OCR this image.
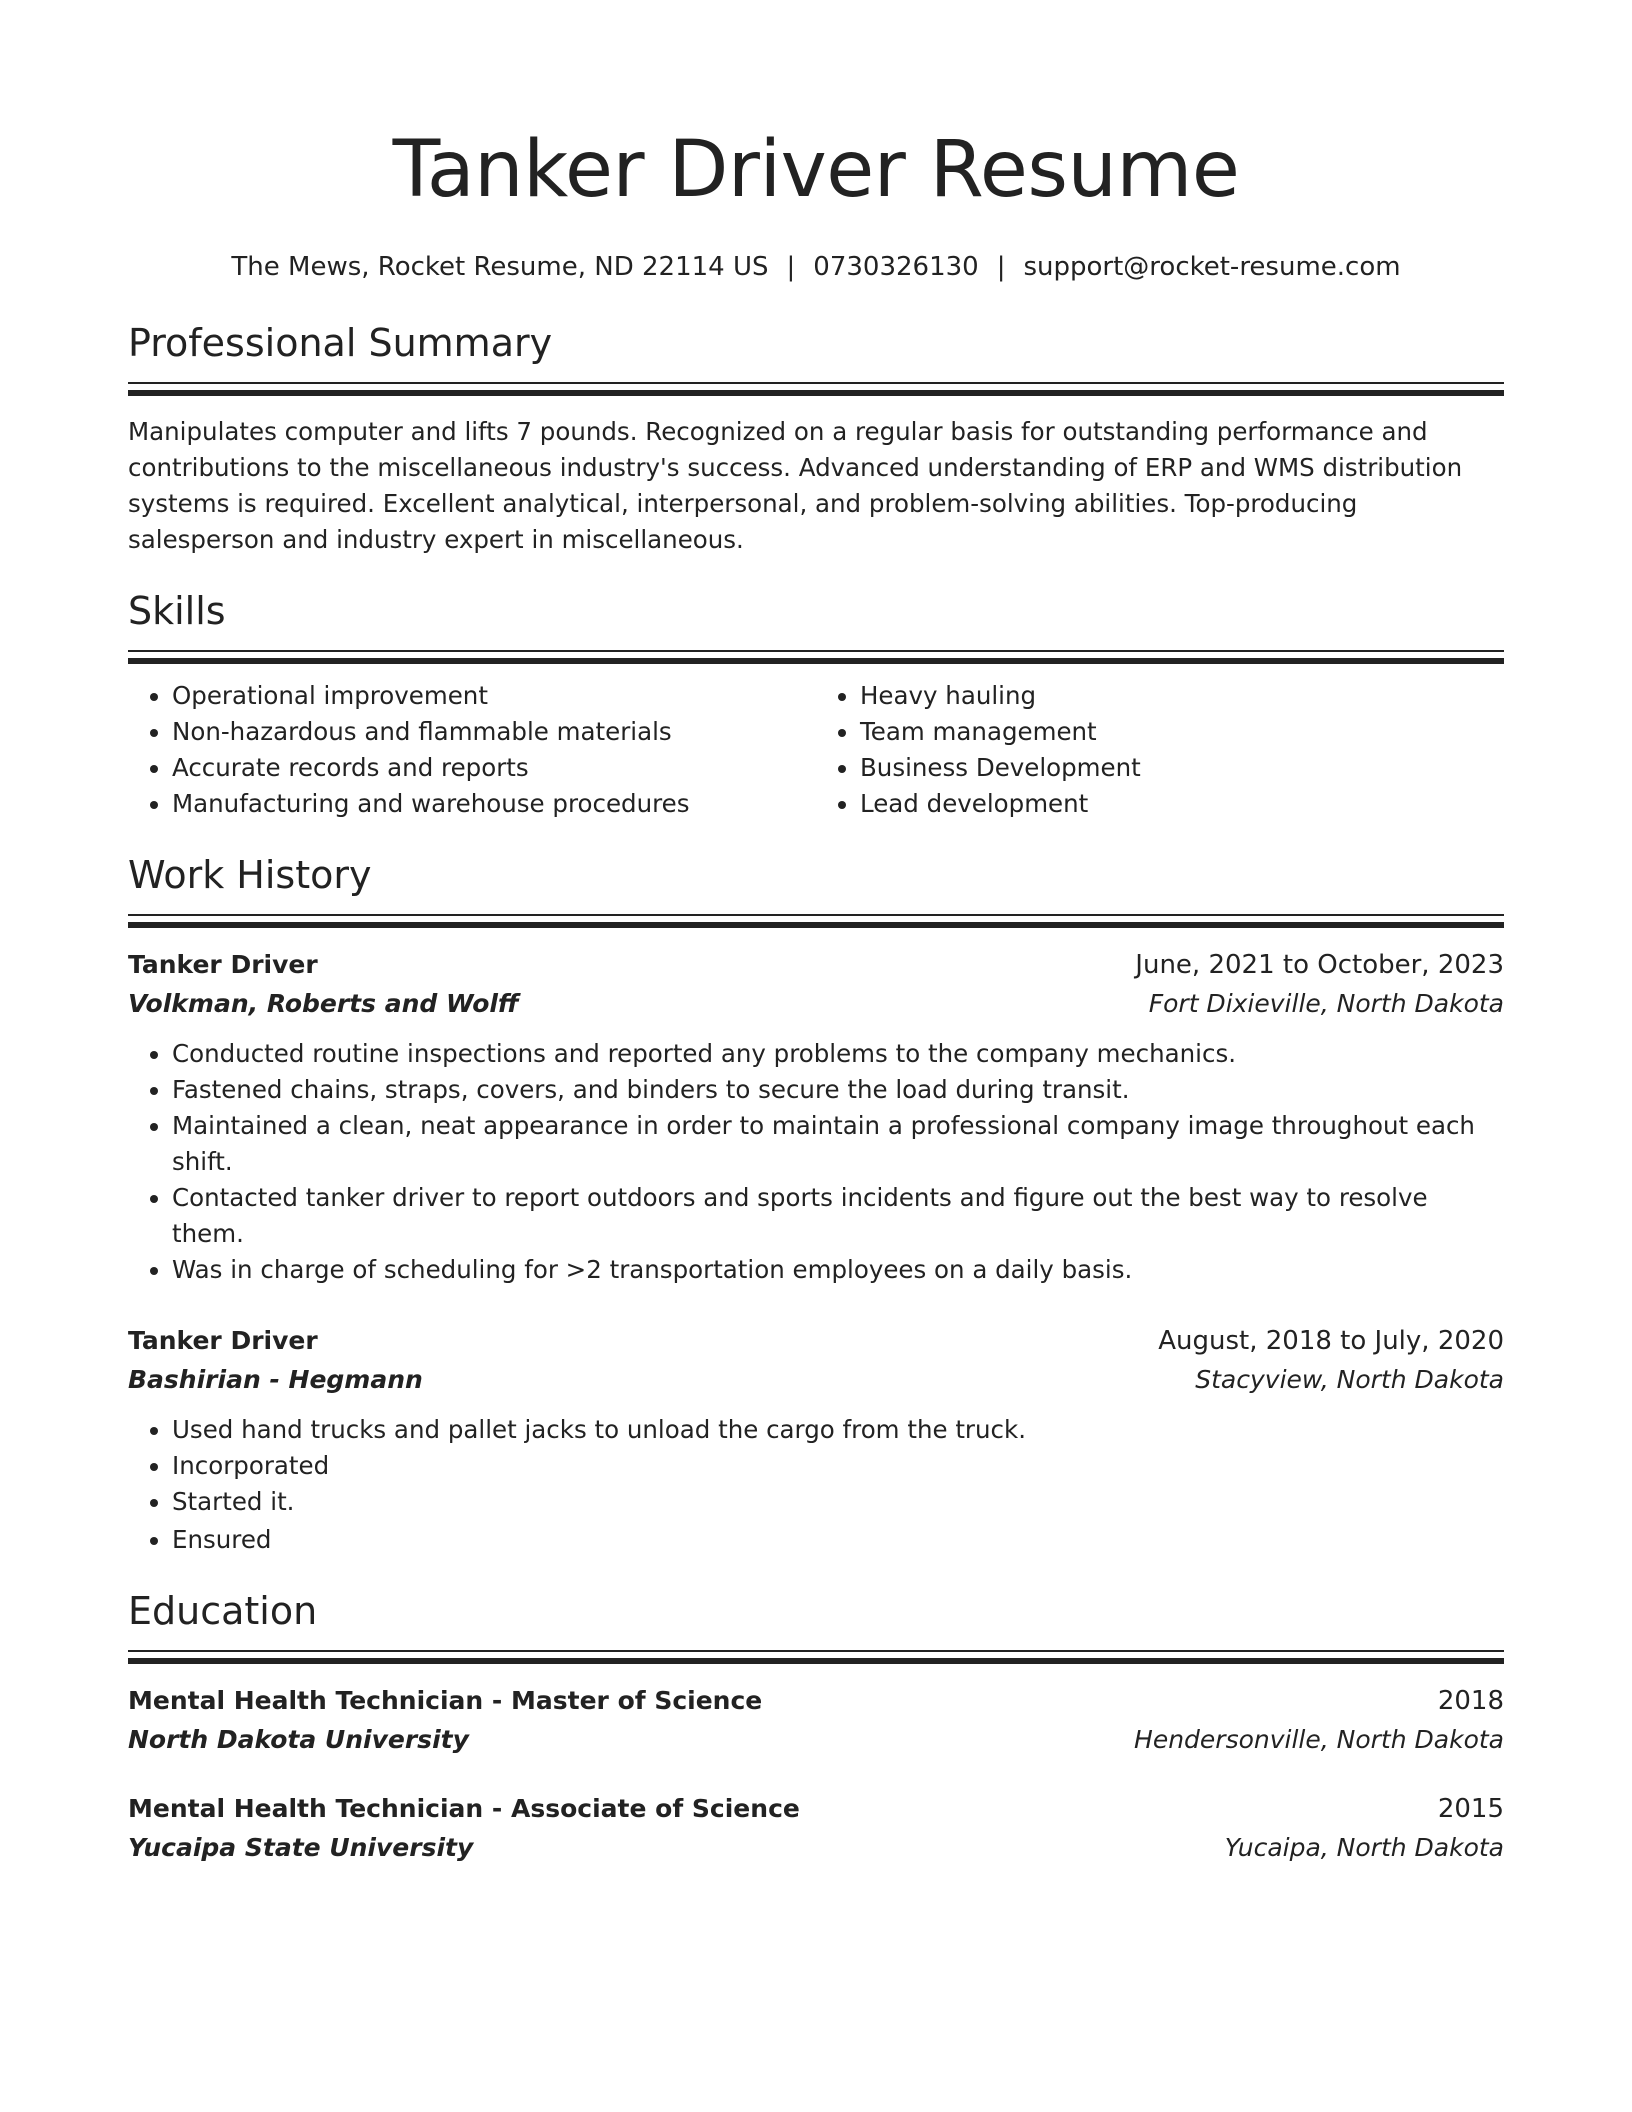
Tanker Driver Resume
The Mews, Rocket Resume, ND 22114 US | 0730326130 | support@rocket-resume.com
Professional Summary

Manipulates computer and lifts 7 pounds. Recognized on a regular basis for outstanding performance and contributions to the miscellaneous industry's success. Advanced understanding of ERP and WMS distribution systems is required. Excellent analytical, interpersonal, and problem-solving abilities. Top-producing salesperson and industry expert in miscellaneous.

Skills
• Operational improvement
• Non-hazardous and flammable materials
• Accurate records and reports
• Manufacturing and warehouse procedures
• Heavy hauling
• Team management
• Business Development
• Lead development
Work History
Tanker Driver	June, 2021 to October, 2023
Volkman, Roberts and Wolff	Fort Dixieville, North Dakota
• Conducted routine inspections and reported any problems to the company mechanics.
• Fastened chains, straps, covers, and binders to secure the load during transit.
• Maintained a clean, neat appearance in order to maintain a professional company image throughout each shift.
• Contacted tanker driver to report outdoors and sports incidents and figure out the best way to resolve them.
• Was in charge of scheduling for >2 transportation employees on a daily basis.
Tanker Driver	August, 2018 to July, 2020
Bashirian - Hegmann	Stacyview, North Dakota
• Used hand trucks and pallet jacks to unload the cargo from the truck.
• Incorporated
• Started it.
• Ensured
Education
Mental Health Technician - Master of Science	2018
North Dakota University	Hendersonville, North Dakota
Mental Health Technician - Associate of Science	2015
Yucaipa State University	Yucaipa, North Dakota
